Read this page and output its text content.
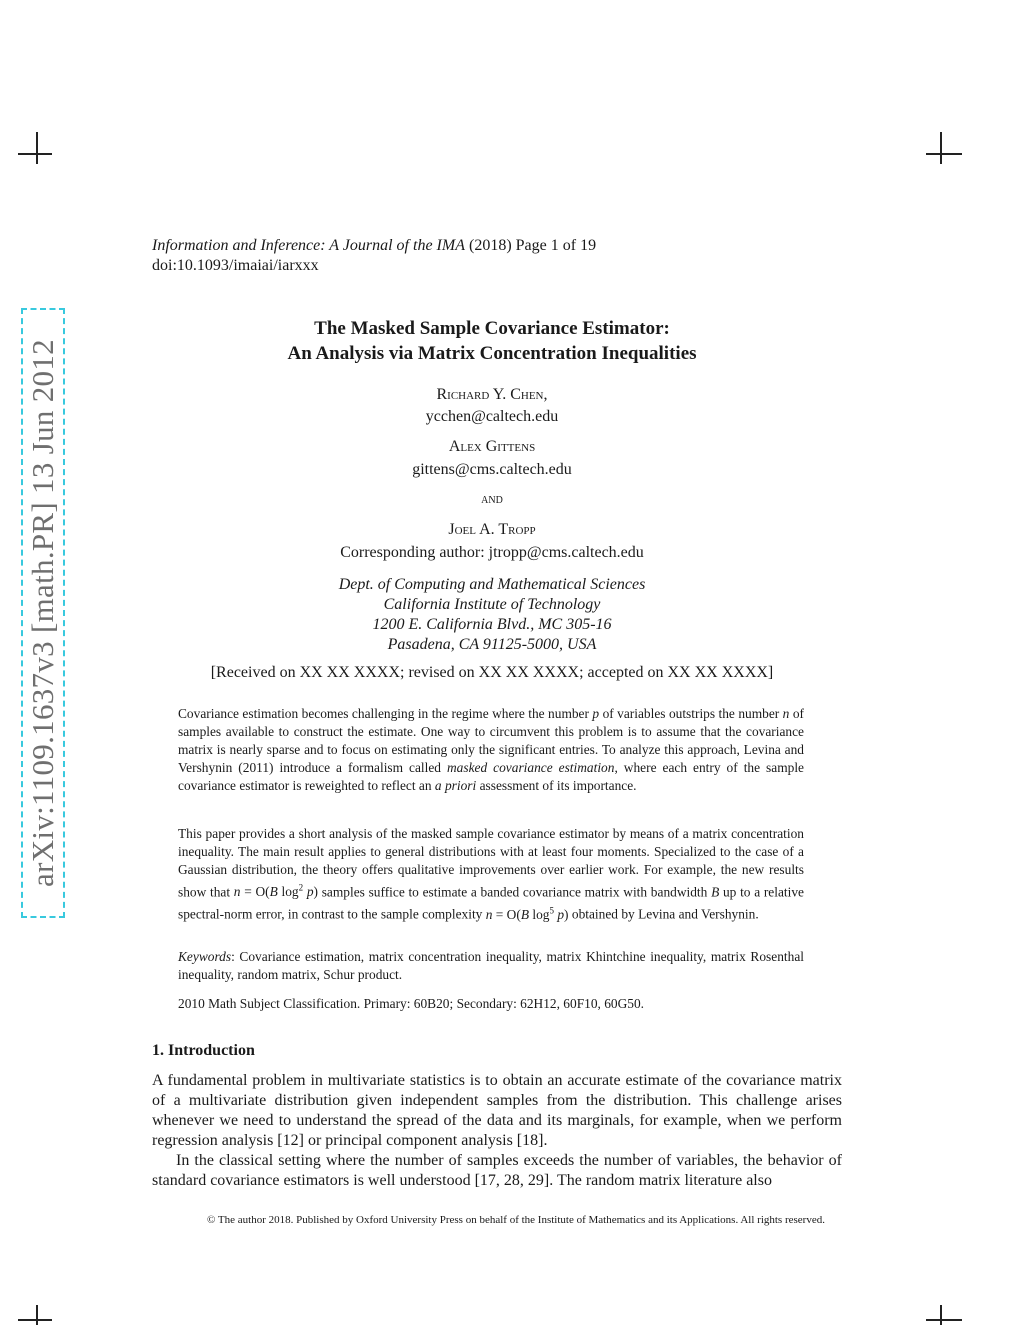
arXiv:1109.1637v3 [math.PR] 13 Jun 2012
Information and Inference: A Journal of the IMA (2018) Page 1 of 19
doi:10.1093/imaiai/iarxxx
The Masked Sample Covariance Estimator:
An Analysis via Matrix Concentration Inequalities
Richard Y. Chen,
ycchen@caltech.edu
Alex Gittens
gittens@cms.caltech.edu
and
Joel A. Tropp
Corresponding author: jtropp@cms.caltech.edu
Dept. of Computing and Mathematical Sciences
California Institute of Technology
1200 E. California Blvd., MC 305-16
Pasadena, CA 91125-5000, USA
[Received on XX XX XXXX; revised on XX XX XXXX; accepted on XX XX XXXX]

Covariance estimation becomes challenging in the regime where the number p of variables outstrips the number n of samples available to construct the estimate. One way to circumvent this problem is to assume that the covariance matrix is nearly sparse and to focus on estimating only the significant entries. To analyze this approach, Levina and Vershynin (2011) introduce a formalism called masked covariance estimation, where each entry of the sample covariance estimator is reweighted to reflect an a priori assessment of its importance.

This paper provides a short analysis of the masked sample covariance estimator by means of a matrix concentration inequality. The main result applies to general distributions with at least four moments. Specialized to the case of a Gaussian distribution, the theory offers qualitative improvements over earlier work. For example, the new results show that n = O(B $\log^2 p$) samples suffice to estimate a banded covariance matrix with bandwidth B up to a relative spectral-norm error, in contrast to the sample complexity n = O(B $\log^5 p$) obtained by Levina and Vershynin.

Keywords: Covariance estimation, matrix concentration inequality, matrix Khintchine inequality, matrix Rosenthal inequality, random matrix, Schur product.

2010 Math Subject Classification. Primary: 60B20; Secondary: 62H12, 60F10, 60G50.
1. Introduction

A fundamental problem in multivariate statistics is to obtain an accurate estimate of the covariance matrix of a multivariate distribution given independent samples from the distribution. This challenge arises whenever we need to understand the spread of the data and its marginals, for example, when we perform regression analysis [12] or principal component analysis [18].

In the classical setting where the number of samples exceeds the number of variables, the behavior of standard covariance estimators is well understood [17, 28, 29]. The random matrix literature also

© The author 2018. Published by Oxford University Press on behalf of the Institute of Mathematics and its Applications. All rights reserved.
